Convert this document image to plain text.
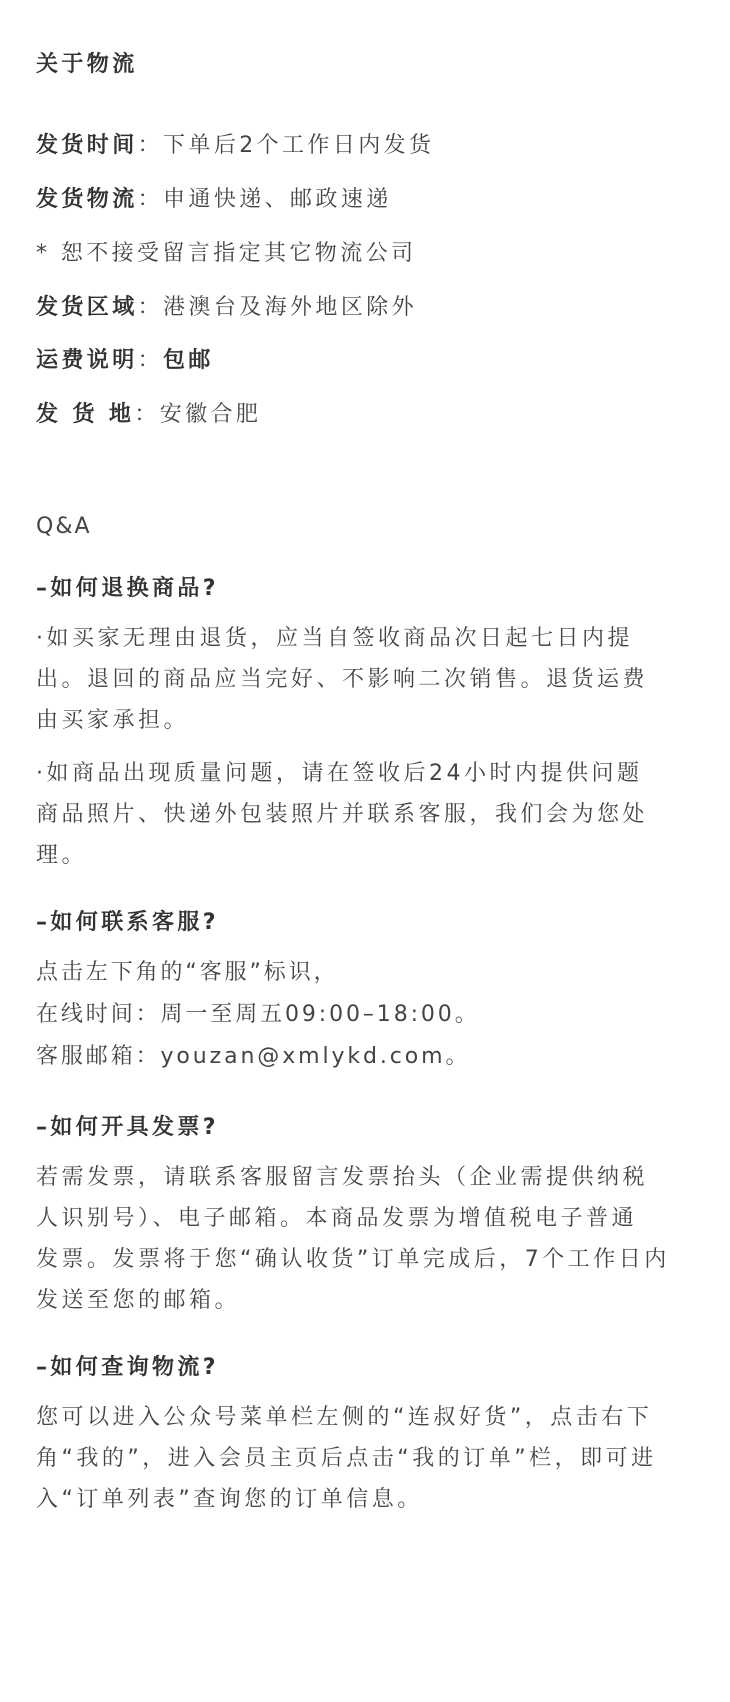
关于物流
发货时间：下单后2个工作日内发货
发货物流：申通快递、邮政速递
* 恕不接受留言指定其它物流公司
发货区域：港澳台及海外地区除外
运费说明：包邮
发 货 地：安徽合肥
Q&A
–如何退换商品?
·如买家无理由退货，应当自签收商品次日起七日内提
出。退回的商品应当完好、不影响二次销售。退货运费
由买家承担。
·如商品出现质量问题，请在签收后24小时内提供问题
商品照片、快递外包装照片并联系客服，我们会为您处
理。
–如何联系客服?
点击左下角的“客服”标识，
在线时间：周一至周五09:00–18:00。
客服邮箱：youzan@xmlykd.com。
–如何开具发票?
若需发票，请联系客服留言发票抬头（企业需提供纳税
人识别号）、电子邮箱。本商品发票为增值税电子普通
发票。发票将于您“确认收货”订单完成后，7个工作日内
发送至您的邮箱。
–如何查询物流?
您可以进入公众号菜单栏左侧的“连叔好货”，点击右下
角“我的”，进入会员主页后点击“我的订单”栏，即可进
入“订单列表”查询您的订单信息。
